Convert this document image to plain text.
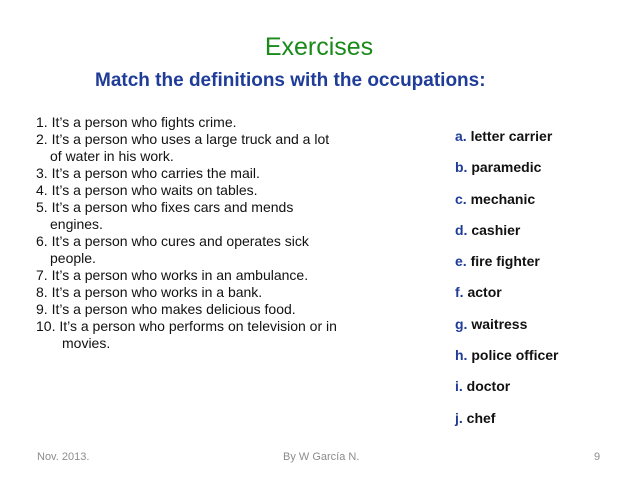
Exercises
Match the definitions with the occupations:
1. It’s a person who fights crime.
2. It’s a person who uses a large truck and a lot
of water in his work.
3. It’s a person who carries the mail.
4. It’s a person who waits on tables.
5. It’s a person who fixes cars and mends
engines.
6. It’s a person who cures and operates sick
people.
7. It’s a person who works in an ambulance.
8. It’s a person who works in a bank.
9. It’s a person who makes delicious food.
10. It’s a person who performs on television or in
movies.
a. letter carrier
b. paramedic
c. mechanic
d. cashier
e. fire fighter
f. actor
g. waitress
h. police officer
i. doctor
j. chef
Nov. 2013.	By W García N.	9
